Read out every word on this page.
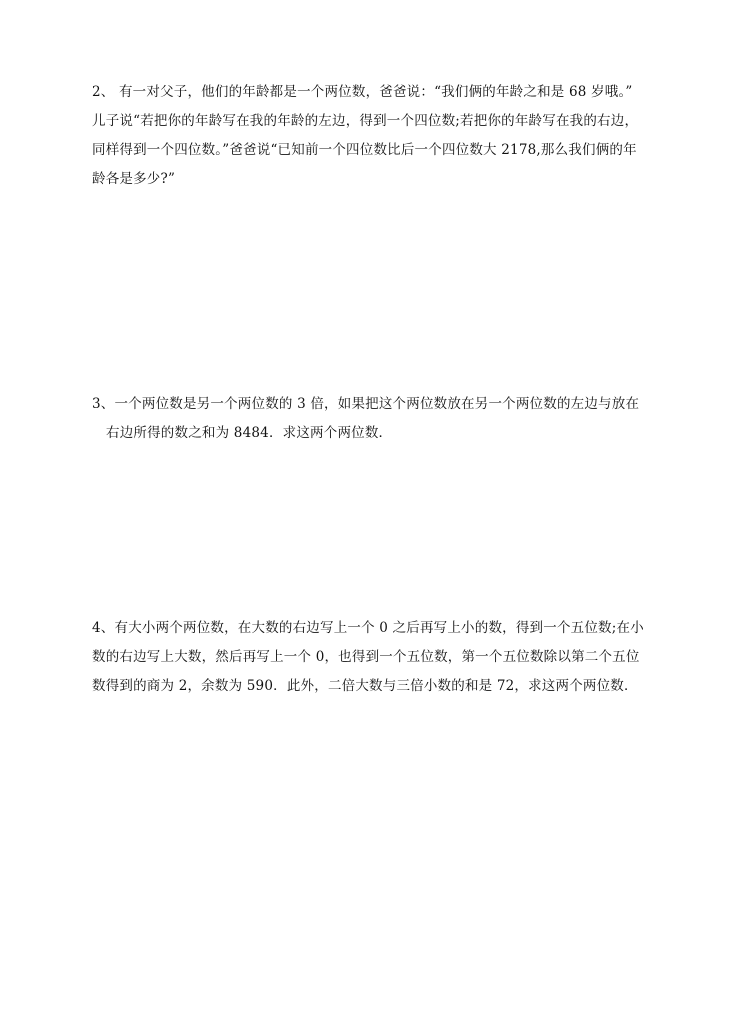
2、 有一对父子，他们的年龄都是一个两位数，爸爸说：“我们俩的年龄之和是 68 岁哦。”
儿子说“若把你的年龄写在我的年龄的左边，得到一个四位数;若把你的年龄写在我的右边，
同样得到一个四位数。”爸爸说“已知前一个四位数比后一个四位数大 2178,那么我们俩的年
龄各是多少?”
3、一个两位数是另一个两位数的 3 倍，如果把这个两位数放在另一个两位数的左边与放在
右边所得的数之和为 8484．求这两个两位数．
4、有大小两个两位数，在大数的右边写上一个 0 之后再写上小的数，得到一个五位数;在小
数的右边写上大数，然后再写上一个 0，也得到一个五位数，第一个五位数除以第二个五位
数得到的商为 2，余数为 590．此外，二倍大数与三倍小数的和是 72，求这两个两位数．
